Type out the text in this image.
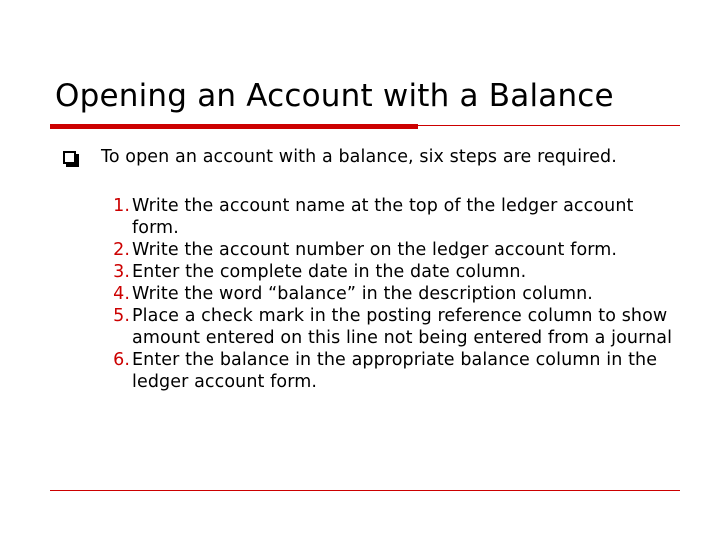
Opening an Account with a Balance
To open an account with a balance, six steps are required.
1. Write the account name at the top of the ledger account form.
2. Write the account number on the ledger account form.
3. Enter the complete date in the date column.
4. Write the word “balance” in the description column.
5. Place a check mark in the posting reference column to show amount entered on this line not being entered from a journal
6. Enter the balance in the appropriate balance column in the ledger account form.
